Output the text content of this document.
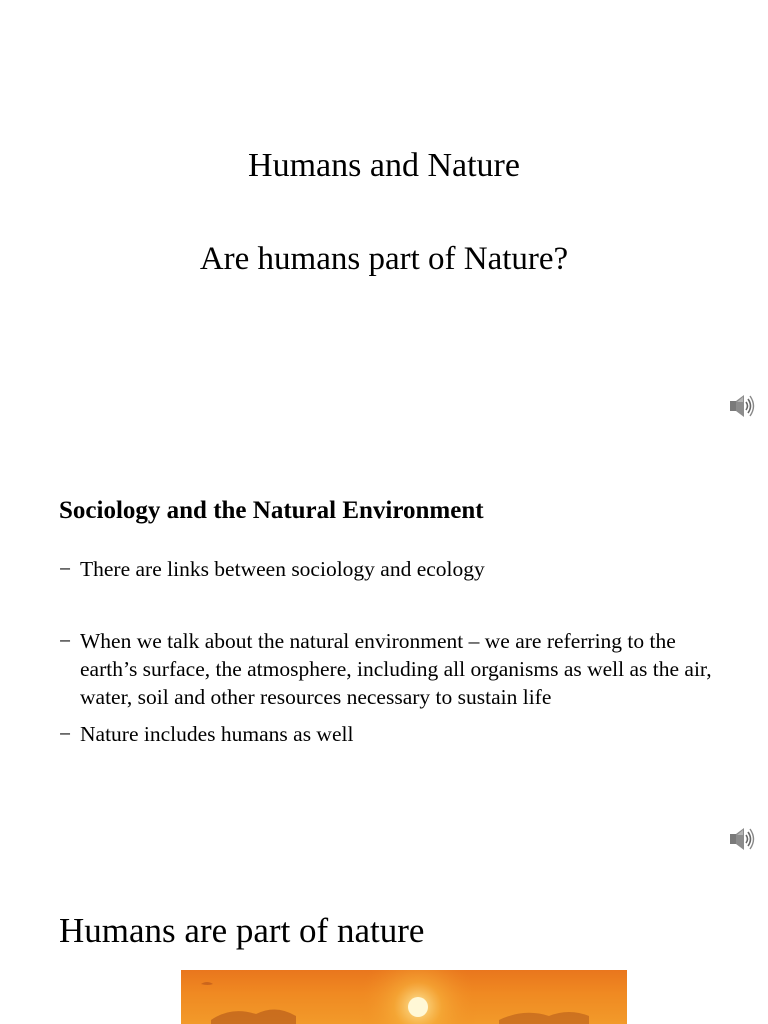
Humans and Nature
Are humans part of Nature?
Sociology and the Natural Environment
− There are links between sociology and ecology
− When we talk about the natural environment – we are referring to the earth’s surface, the atmosphere, including all organisms as well as the air, water, soil and other resources necessary to sustain life
− Nature includes humans as well
Humans are part of nature
